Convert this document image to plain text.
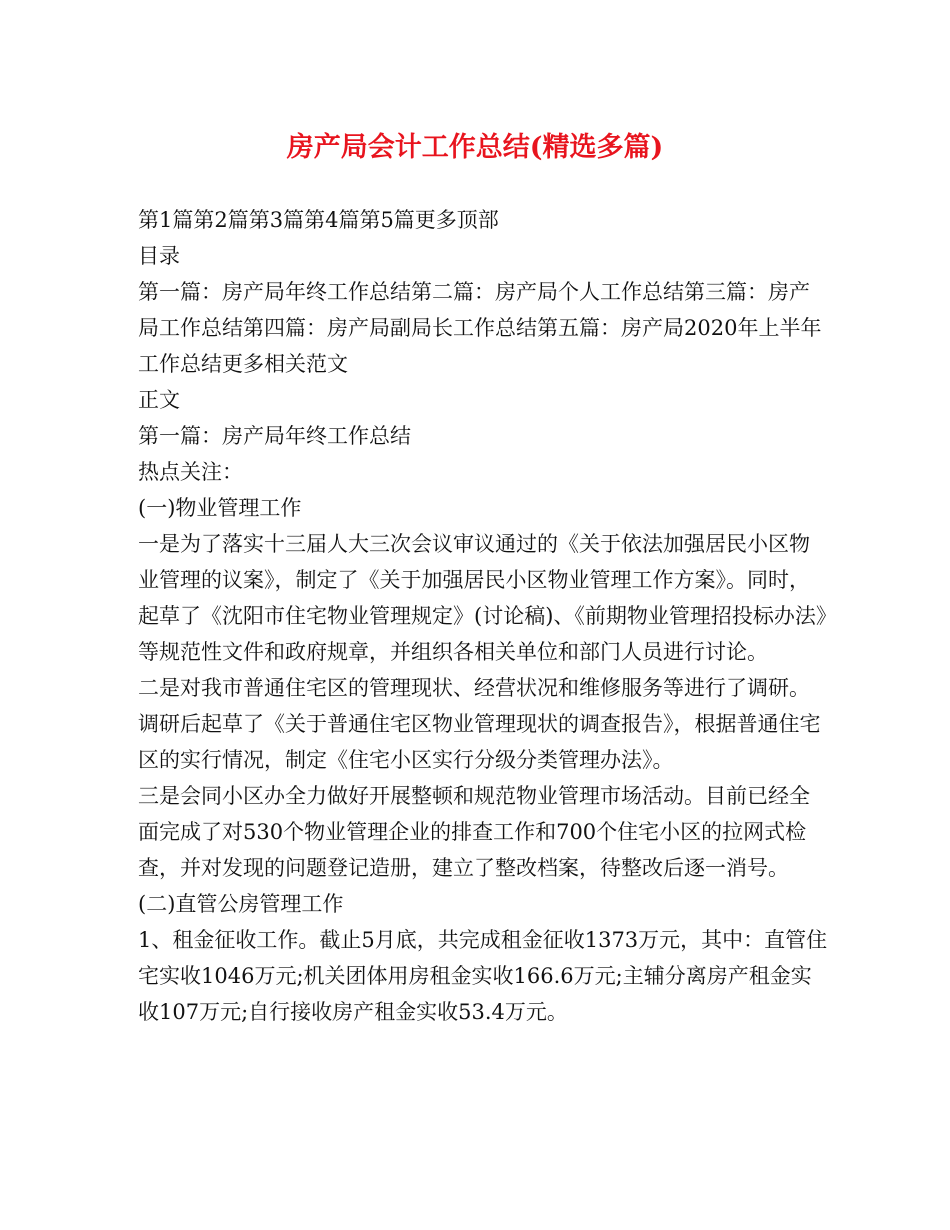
房产局会计工作总结(精选多篇)

第1篇第2篇第3篇第4篇第5篇更多顶部

目录

第一篇：房产局年终工作总结第二篇：房产局个人工作总结第三篇：房产局工作总结第四篇：房产局副局长工作总结第五篇：房产局2020年上半年工作总结更多相关范文

正文

第一篇：房产局年终工作总结

热点关注：

(一)物业管理工作

一是为了落实十三届人大三次会议审议通过的《关于依法加强居民小区物业管理的议案》，制定了《关于加强居民小区物业管理工作方案》。同时，起草了《沈阳市住宅物业管理规定》(讨论稿)、《前期物业管理招投标办法》等规范性文件和政府规章，并组织各相关单位和部门人员进行讨论。

二是对我市普通住宅区的管理现状、经营状况和维修服务等进行了调研。调研后起草了《关于普通住宅区物业管理现状的调查报告》，根据普通住宅区的实行情况，制定《住宅小区实行分级分类管理办法》。

三是会同小区办全力做好开展整顿和规范物业管理市场活动。目前已经全面完成了对530个物业管理企业的排查工作和700个住宅小区的拉网式检查，并对发现的问题登记造册，建立了整改档案，待整改后逐一消号。

(二)直管公房管理工作

1、租金征收工作。截止5月底，共完成租金征收1373万元，其中：直管住宅实收1046万元;机关团体用房租金实收166.6万元;主辅分离房产租金实收107万元;自行接收房产租金实收53.4万元。
